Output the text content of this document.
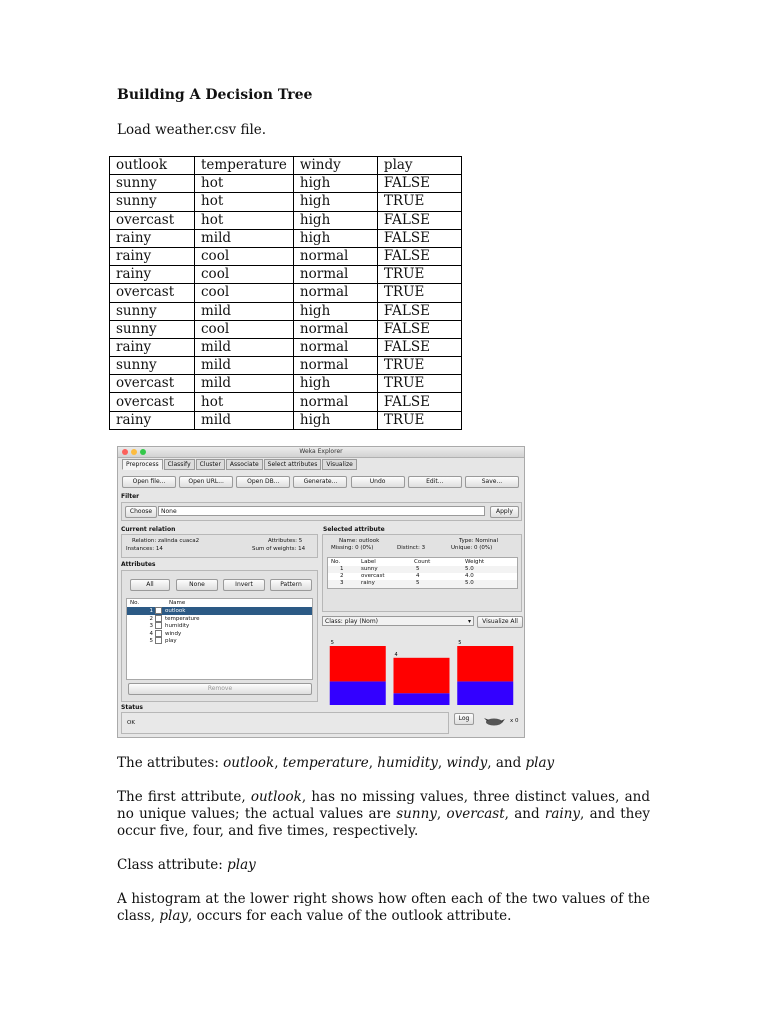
Building A Decision Tree
Load weather.csv file.
outlook	temperature	windy	play
sunny	hot	high	FALSE
sunny	hot	high	TRUE
overcast	hot	high	FALSE
rainy	mild	high	FALSE
rainy	cool	normal	FALSE
rainy	cool	normal	TRUE
overcast	cool	normal	TRUE
sunny	mild	high	FALSE
sunny	cool	normal	FALSE
rainy	mild	normal	FALSE
sunny	mild	normal	TRUE
overcast	mild	high	TRUE
overcast	hot	normal	FALSE
rainy	mild	high	TRUE
Weka Explorer
Preprocess	Classify	Cluster	Associate	Select attributes	Visualize
Open file...	Open URL...	Open DB...	Generate...	Undo	Edit...	Save...
Filter
Choose	None	Apply
Current relation
Relation: zalinda cuaca2
Instances: 14
Attributes: 5
Sum of weights: 14
Attributes
All	None	Invert	Pattern
No.	Name
1 outlook
2 temperature
3 humidity
4 windy
5 play
Remove
Selected attribute
Name: outlook	Type: Nominal
Missing: 0 (0%)	Distinct: 3	Unique: 0 (0%)
No.	Label	Count	Weight
1	sunny	5	5.0
2	overcast	4	4.0
3	rainy	5	5.0
Class: play (Nom)	▾	Visualize All
5
4
5
Status
OK
Log	x 0
The attributes: outlook, temperature, humidity, windy, and play
The first attribute, outlook, has no missing values, three distinct values, and no unique values; the actual values are sunny, overcast, and rainy, and they occur five, four, and five times, respectively.
Class attribute: play
A histogram at the lower right shows how often each of the two values of the class, play, occurs for each value of the outlook attribute.
